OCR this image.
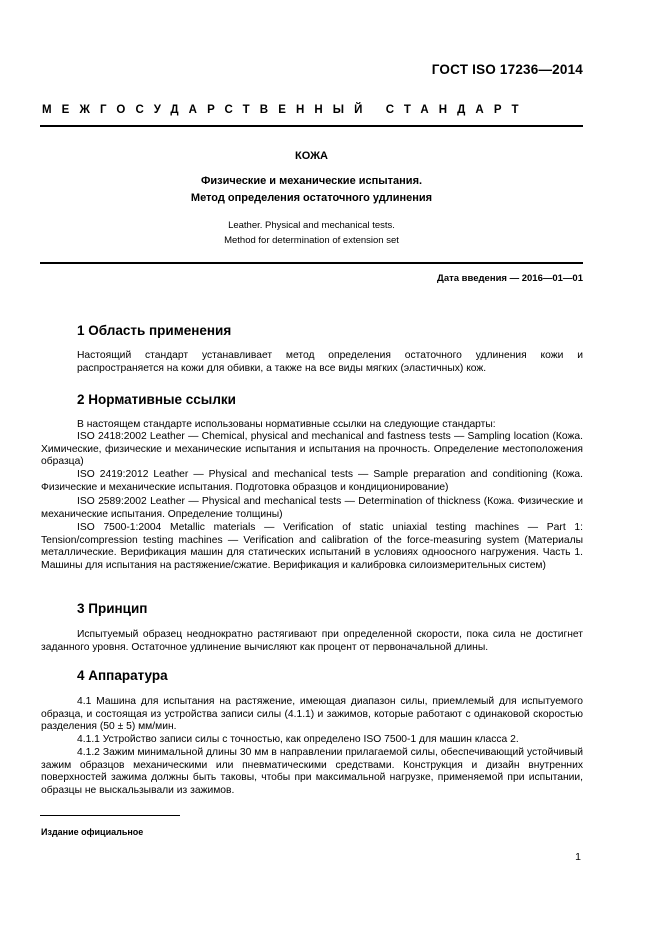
ГОСТ ISO 17236—2014
МЕЖГОСУДАРСТВЕННЫЙ СТАНДАРТ
КОЖА
Физические и механические испытания.
Метод определения остаточного удлинения
Leather. Physical and mechanical tests.
Method for determination of extension set
Дата введения — 2016—01—01
1 Область применения
Настоящий стандарт устанавливает метод определения остаточного удлинения кожи и распространяется на кожи для обивки, а также на все виды мягких (эластичных) кож.
2 Нормативные ссылки
В настоящем стандарте использованы нормативные ссылки на следующие стандарты:
ISO 2418:2002 Leather — Chemical, physical and mechanical and fastness tests — Sampling location (Кожа. Химические, физические и механические испытания и испытания на прочность. Определение местоположения образца)
ISO 2419:2012 Leather — Physical and mechanical tests — Sample preparation and conditioning (Кожа. Физические и механические испытания. Подготовка образцов и кондиционирование)
ISO 2589:2002 Leather — Physical and mechanical tests — Determination of thickness (Кожа. Физические и механические испытания. Определение толщины)
ISO 7500-1:2004 Metallic materials — Verification of static uniaxial testing machines — Part 1: Tension/compression testing machines — Verification and calibration of the force-measuring system (Материалы металлические. Верификация машин для статических испытаний в условиях одноосного нагружения. Часть 1. Машины для испытания на растяжение/сжатие. Верификация и калибровка силоизмерительных систем)
3 Принцип
Испытуемый образец неоднократно растягивают при определенной скорости, пока сила не достигнет заданного уровня. Остаточное удлинение вычисляют как процент от первоначальной длины.
4 Аппаратура
4.1 Машина для испытания на растяжение, имеющая диапазон силы, приемлемый для испытуемого образца, и состоящая из устройства записи силы (4.1.1) и зажимов, которые работают с одинаковой скоростью разделения (50 ± 5) мм/мин.
4.1.1 Устройство записи силы с точностью, как определено ISO 7500-1 для машин класса 2.
4.1.2 Зажим минимальной длины 30 мм в направлении прилагаемой силы, обеспечивающий устойчивый зажим образцов механическими или пневматическими средствами. Конструкция и дизайн внутренних поверхностей зажима должны быть таковы, чтобы при максимальной нагрузке, применяемой при испытании, образцы не выскальзывали из зажимов.
Издание официальное
1
